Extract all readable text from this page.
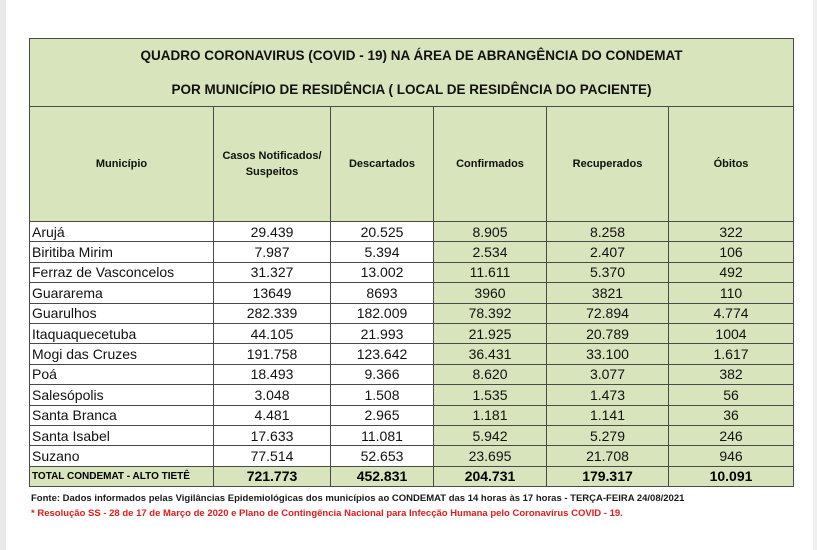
QUADRO CORONAVIRUS (COVID - 19) NA ÁREA DE ABRANGÊNCIA DO CONDEMAT					
POR MUNICÍPIO DE RESIDÊNCIA ( LOCAL DE RESIDÊNCIA DO PACIENTE)					
Município	Casos Notificados/ Suspeitos	Descartados	Confirmados	Recuperados	Óbitos
Arujá	29.439	20.525	8.905	8.258	322
Biritiba Mirim	7.987	5.394	2.534	2.407	106
Ferraz de Vasconcelos	31.327	13.002	11.611	5.370	492
Guararema	13649	8693	3960	3821	110
Guarulhos	282.339	182.009	78.392	72.894	4.774
Itaquaquecetuba	44.105	21.993	21.925	20.789	1004
Mogi das Cruzes	191.758	123.642	36.431	33.100	1.617
Poá	18.493	9.366	8.620	3.077	382
Salesópolis	3.048	1.508	1.535	1.473	56
Santa Branca	4.481	2.965	1.181	1.141	36
Santa Isabel	17.633	11.081	5.942	5.279	246
Suzano	77.514	52.653	23.695	21.708	946
TOTAL CONDEMAT - ALTO TIETÊ	721.773	452.831	204.731	179.317	10.091
Fonte: Dados informados pelas Vigilâncias Epidemiológicas dos municípios ao CONDEMAT das 14 horas às 17 horas - TERÇA-FEIRA 24/08/2021
* Resolução SS - 28 de 17 de Março de 2020 e Plano de Contingência Nacional para Infecção Humana pelo Coronavírus COVID - 19.
